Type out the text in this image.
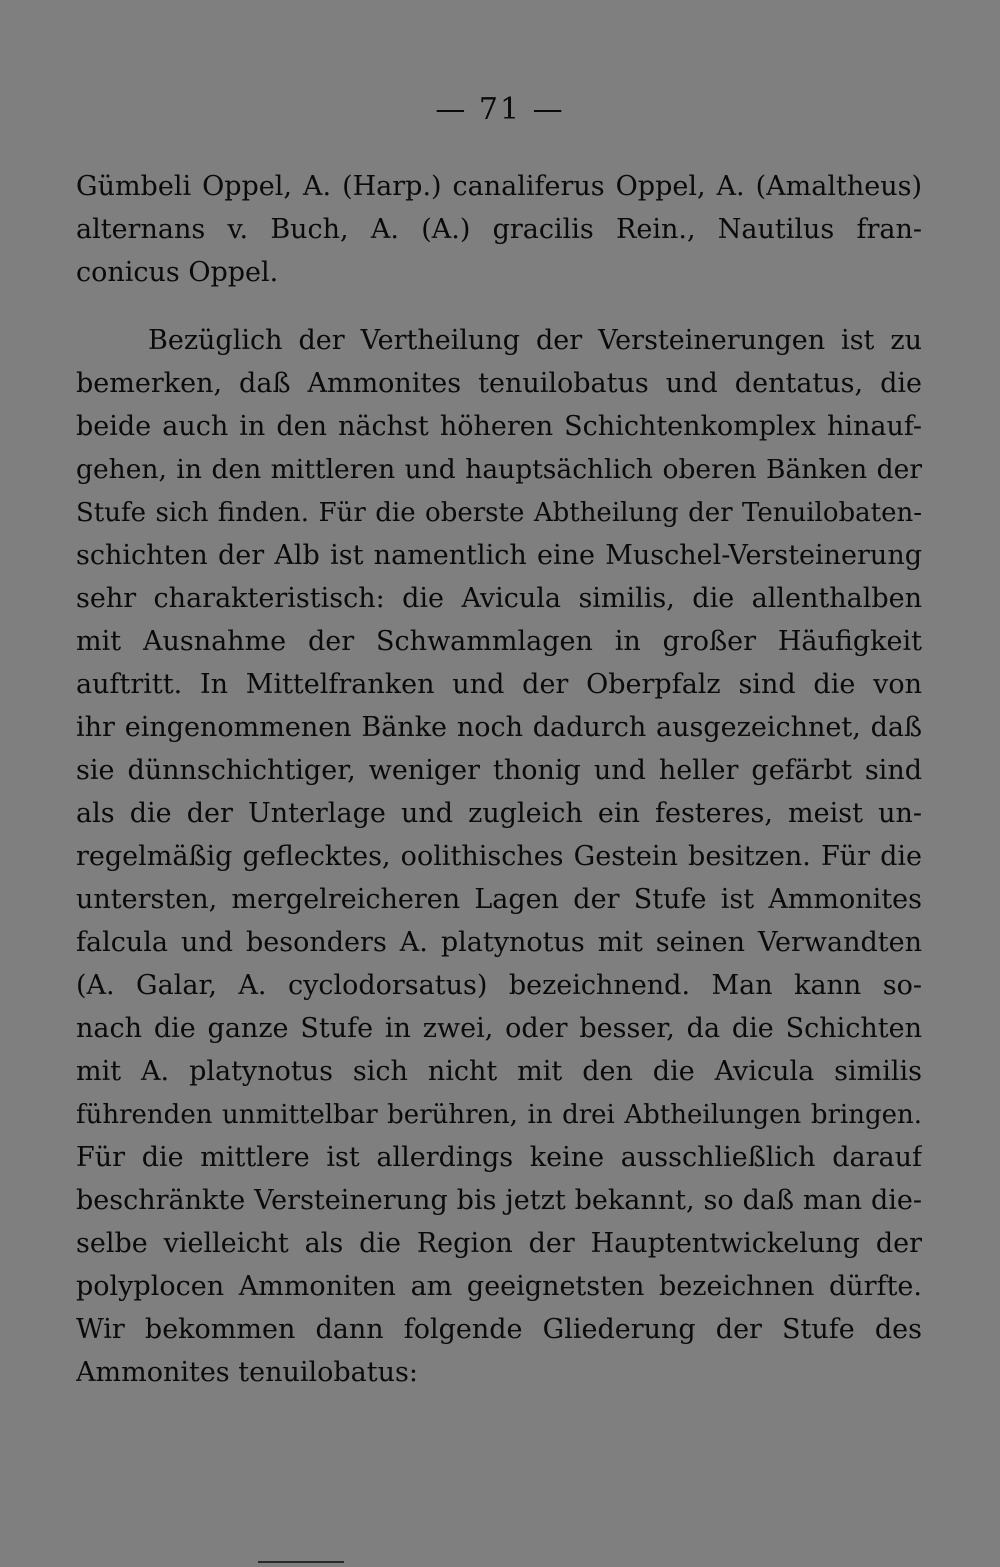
— 71 —
Gümbeli Oppel, A. (Harp.) canaliferus Oppel, A. (Amaltheus)
alternans v. Buch, A. (A.) gracilis Rein., Nautilus fran-
conicus Oppel.
Bezüglich der Vertheilung der Versteinerungen ist zu
bemerken, daß Ammonites tenuilobatus und dentatus, die
beide auch in den nächst höheren Schichtenkomplex hinauf-
gehen, in den mittleren und hauptsächlich oberen Bänken der
Stufe sich finden. Für die oberste Abtheilung der Tenuilobaten-
schichten der Alb ist namentlich eine Muschel-Versteinerung
sehr charakteristisch: die Avicula similis, die allenthalben
mit Ausnahme der Schwammlagen in großer Häufigkeit
auftritt. In Mittelfranken und der Oberpfalz sind die von
ihr eingenommenen Bänke noch dadurch ausgezeichnet, daß
sie dünnschichtiger, weniger thonig und heller gefärbt sind
als die der Unterlage und zugleich ein festeres, meist un-
regelmäßig geflecktes, oolithisches Gestein besitzen. Für die
untersten, mergelreicheren Lagen der Stufe ist Ammonites
falcula und besonders A. platynotus mit seinen Verwandten
(A. Galar, A. cyclodorsatus) bezeichnend. Man kann so-
nach die ganze Stufe in zwei, oder besser, da die Schichten
mit A. platynotus sich nicht mit den die Avicula similis
führenden unmittelbar berühren, in drei Abtheilungen bringen.
Für die mittlere ist allerdings keine ausschließlich darauf
beschränkte Versteinerung bis jetzt bekannt, so daß man die-
selbe vielleicht als die Region der Hauptentwickelung der
polyplocen Ammoniten am geeignetsten bezeichnen dürfte.
Wir bekommen dann folgende Gliederung der Stufe des
Ammonites tenuilobatus:
